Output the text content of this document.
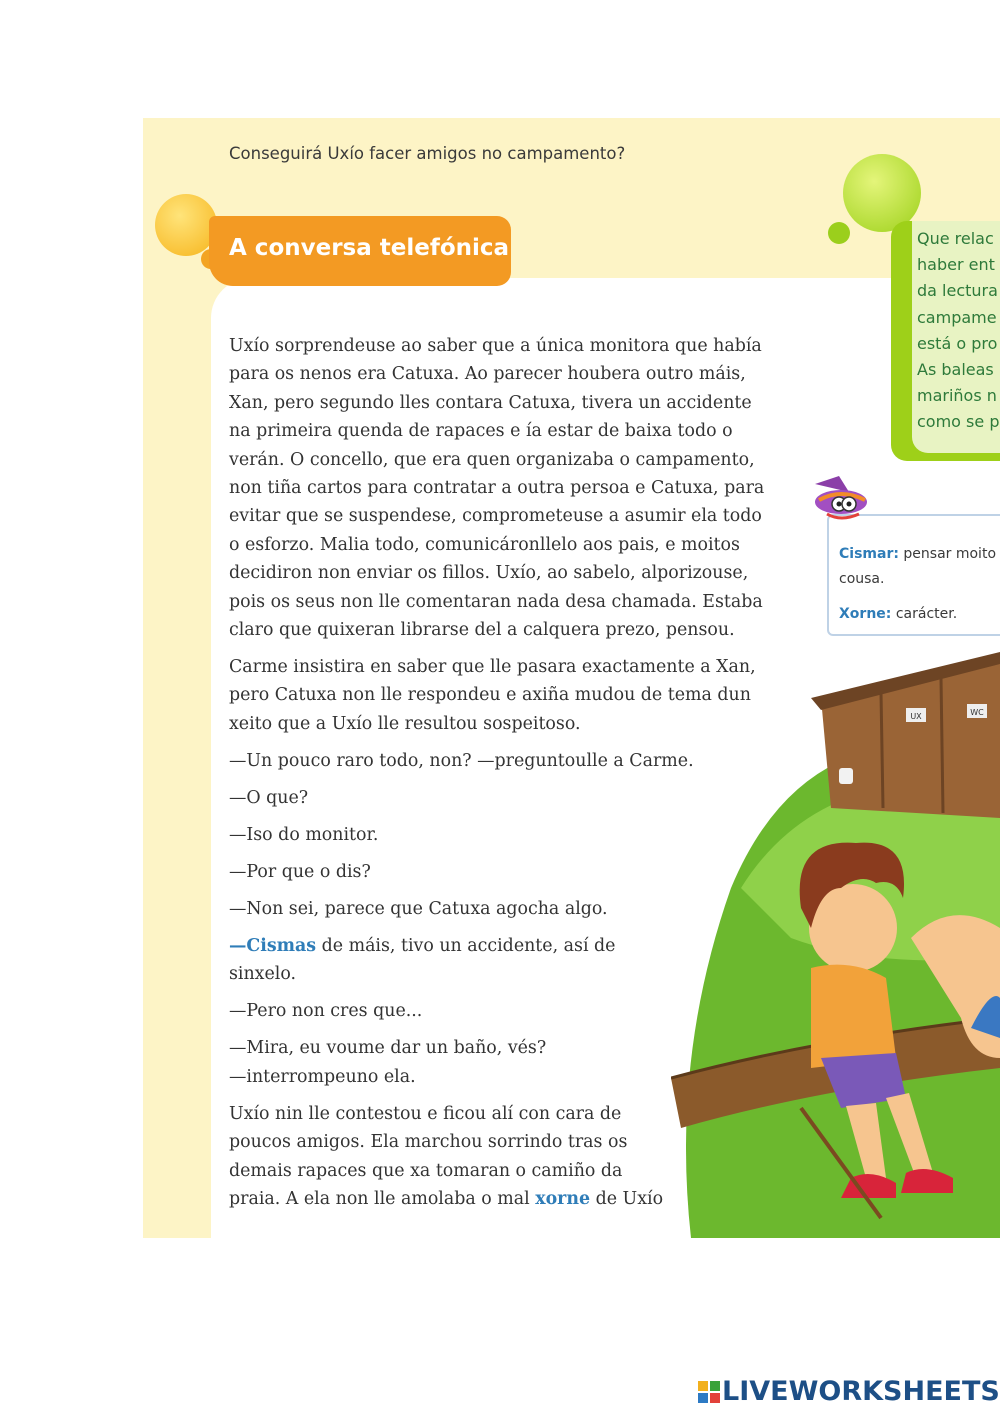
Conseguirá Uxío facer amigos no campamento?
A conversa telefónica	Que relac
haber ent
da lectura
campame
está o pro
As baleas
mariños n
como se p
Cismar: pensar moito
cousa.
Xorne: carácter.

Uxío sorprendeuse ao saber que a única monitora que había
para os nenos era Catuxa. Ao parecer houbera outro máis,
Xan, pero segundo lles contara Catuxa, tivera un accidente
na primeira quenda de rapaces e ía estar de baixa todo o
verán. O concello, que era quen organizaba o campamento,
non tiña cartos para contratar a outra persoa e Catuxa, para
evitar que se suspendese, comprometeuse a asumir ela todo
o esforzo. Malia todo, comunicáronllelo aos pais, e moitos
decidiron non enviar os fillos. Uxío, ao sabelo, alporizouse,
pois os seus non lle comentaran nada desa chamada. Estaba
claro que quixeran librarse del a calquera prezo, pensou.

Carme insistira en saber que lle pasara exactamente a Xan,
pero Catuxa non lle respondeu e axiña mudou de tema dun
xeito que a Uxío lle resultou sospeitoso.

—Un pouco raro todo, non? —preguntoulle a Carme.

—O que?

—Iso do monitor.

—Por que o dis?

—Non sei, parece que Catuxa agocha algo.

—Cismas de máis, tivo un accidente, así de
sinxelo.

—Pero non cres que...

—Mira, eu voume dar un baño, vés?
—interrompeuno ela.

Uxío nin lle contestou e ficou alí con cara de
poucos amigos. Ela marchou sorrindo tras os
demais rapaces que xa tomaran o camiño da
praia. A ela non lle amolaba o mal xorne de Uxío

UX	WC
LIVEWORKSHEETS
